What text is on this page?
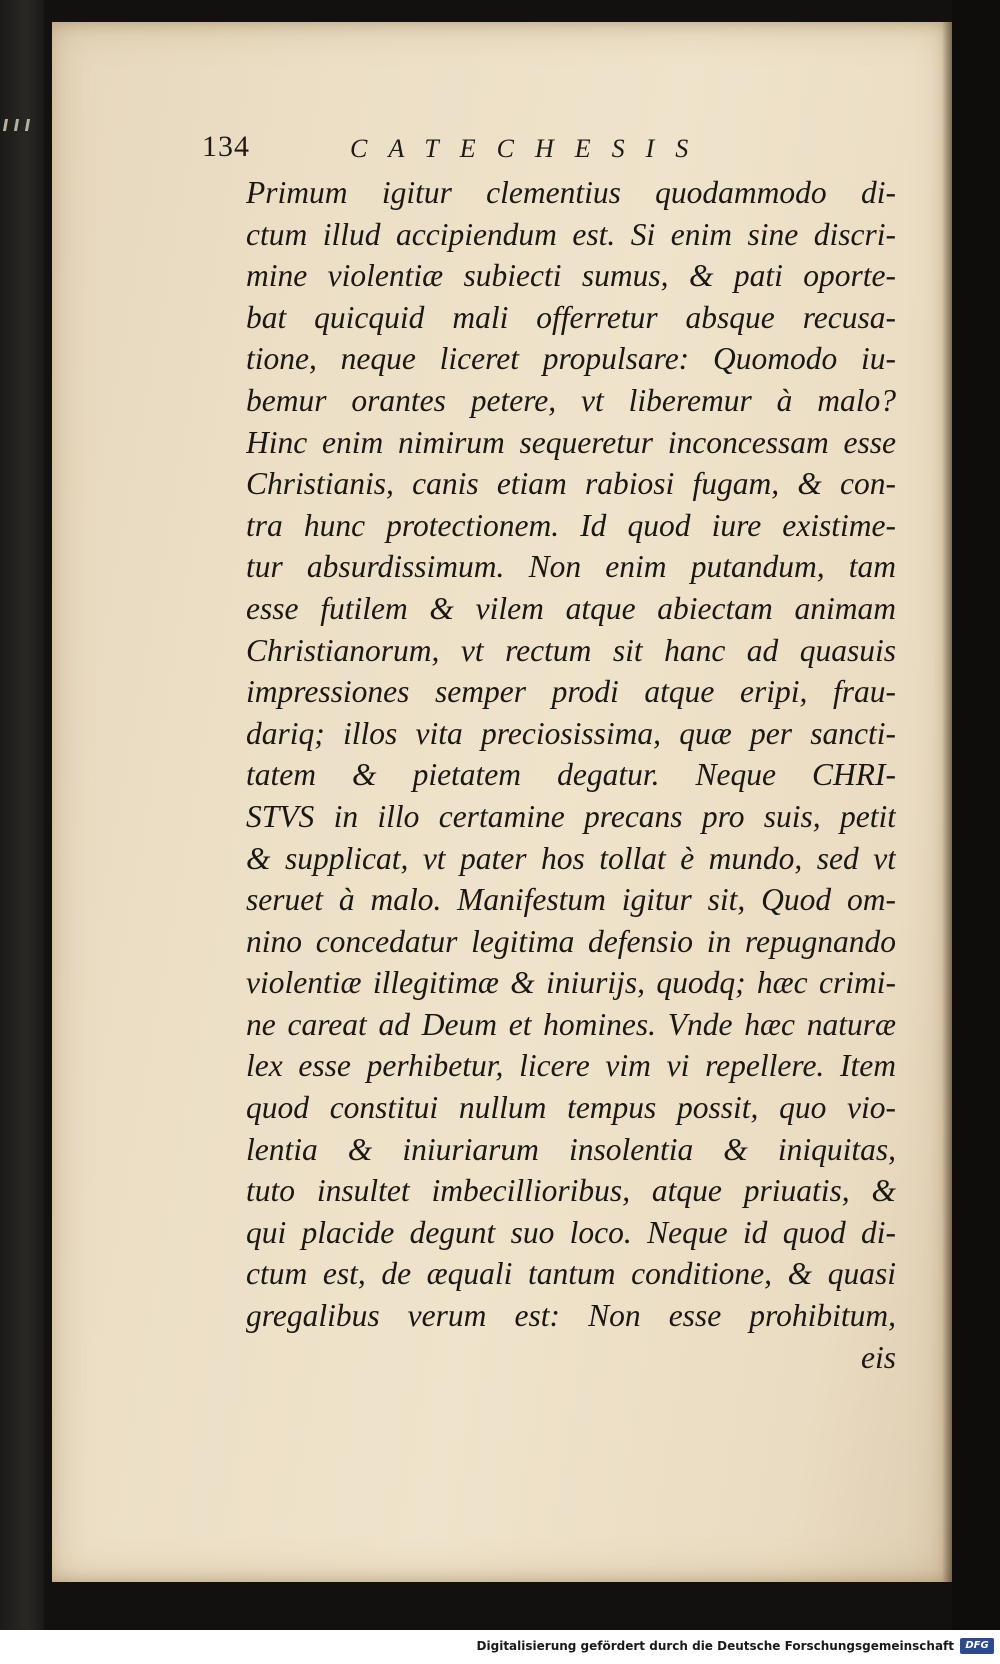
134	CATECHESIS
Primum igitur clementius quodammodo di-
ctum illud accipiendum est. Si enim sine discri-
mine violentiæ subiecti sumus, & pati oporte-
bat quicquid mali offerretur absque recusa-
tione, neque liceret propulsare: Quomodo iu-
bemur orantes petere, vt liberemur à malo?
Hinc enim nimirum sequeretur inconcessam esse
Christianis, canis etiam rabiosi fugam, & con-
tra hunc protectionem. Id quod iure existime-
tur absurdissimum. Non enim putandum, tam
esse futilem & vilem atque abiectam animam
Christianorum, vt rectum sit hanc ad quasuis
impressiones semper prodi atque eripi, frau-
dariq; illos vita preciosissima, quæ per sancti-
tatem & pietatem degatur. Neque CHRI-
STVS in illo certamine precans pro suis, petit
& supplicat, vt pater hos tollat è mundo, sed vt
seruet à malo. Manifestum igitur sit, Quod om-
nino concedatur legitima defensio in repugnando
violentiæ illegitimæ & iniurijs, quodq; hæc crimi-
ne careat ad Deum et homines. Vnde hæc naturæ
lex esse perhibetur, licere vim vi repellere. Item
quod constitui nullum tempus possit, quo vio-
lentia & iniuriarum insolentia & iniquitas,
tuto insultet imbecillioribus, atque priuatis, &
qui placide degunt suo loco. Neque id quod di-
ctum est, de æquali tantum conditione, & quasi
gregalibus verum est: Non esse prohibitum,
eis
Digitalisierung gefördert durch die Deutsche Forschungsgemeinschaft	DFG
